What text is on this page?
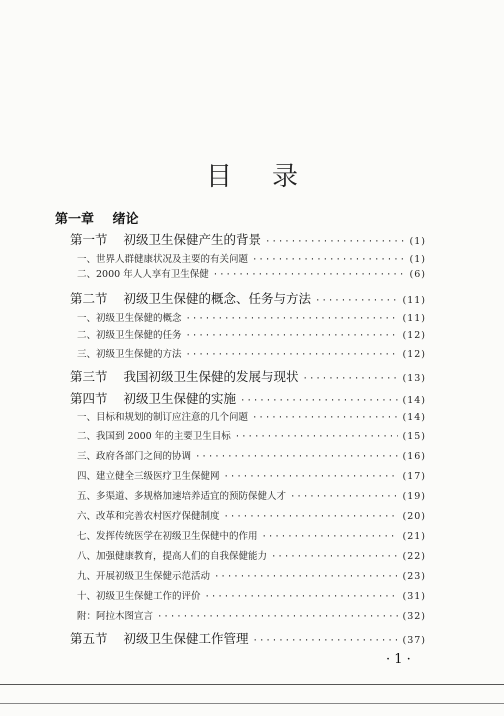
目录
第一章 绪论
第一节 初级卫生保健产生的背景 ·····	(1)
一、世界人群健康状况及主要的有关问题 ·····	(1)
二、2000 年人人享有卫生保健 ·····	(6)
第二节 初级卫生保健的概念、任务与方法 ·····	(11)
一、初级卫生保健的概念 ·····	(11)
二、初级卫生保健的任务 ·····	(12)
三、初级卫生保健的方法 ·····	(12)
第三节 我国初级卫生保健的发展与现状 ·····	(13)
第四节 初级卫生保健的实施 ·····	(14)
一、目标和规划的制订应注意的几个问题 ·····	(14)
二、我国到 2000 年的主要卫生目标 ·····	(15)
三、政府各部门之间的协调 ·····	(16)
四、建立健全三级医疗卫生保健网 ·····	(17)
五、多渠道、多规格加速培养适宜的预防保健人才 ·····	(19)
六、改革和完善农村医疗保健制度 ·····	(20)
七、发挥传统医学在初级卫生保健中的作用 ·····	(21)
八、加强健康教育，提高人们的自我保健能力 ·····	(22)
九、开展初级卫生保健示范活动 ·····	(23)
十、初级卫生保健工作的评价 ·····	(31)
附：阿拉木图宣言 ·····	(32)
第五节 初级卫生保健工作管理 ·····	(37)
· 1 ·
